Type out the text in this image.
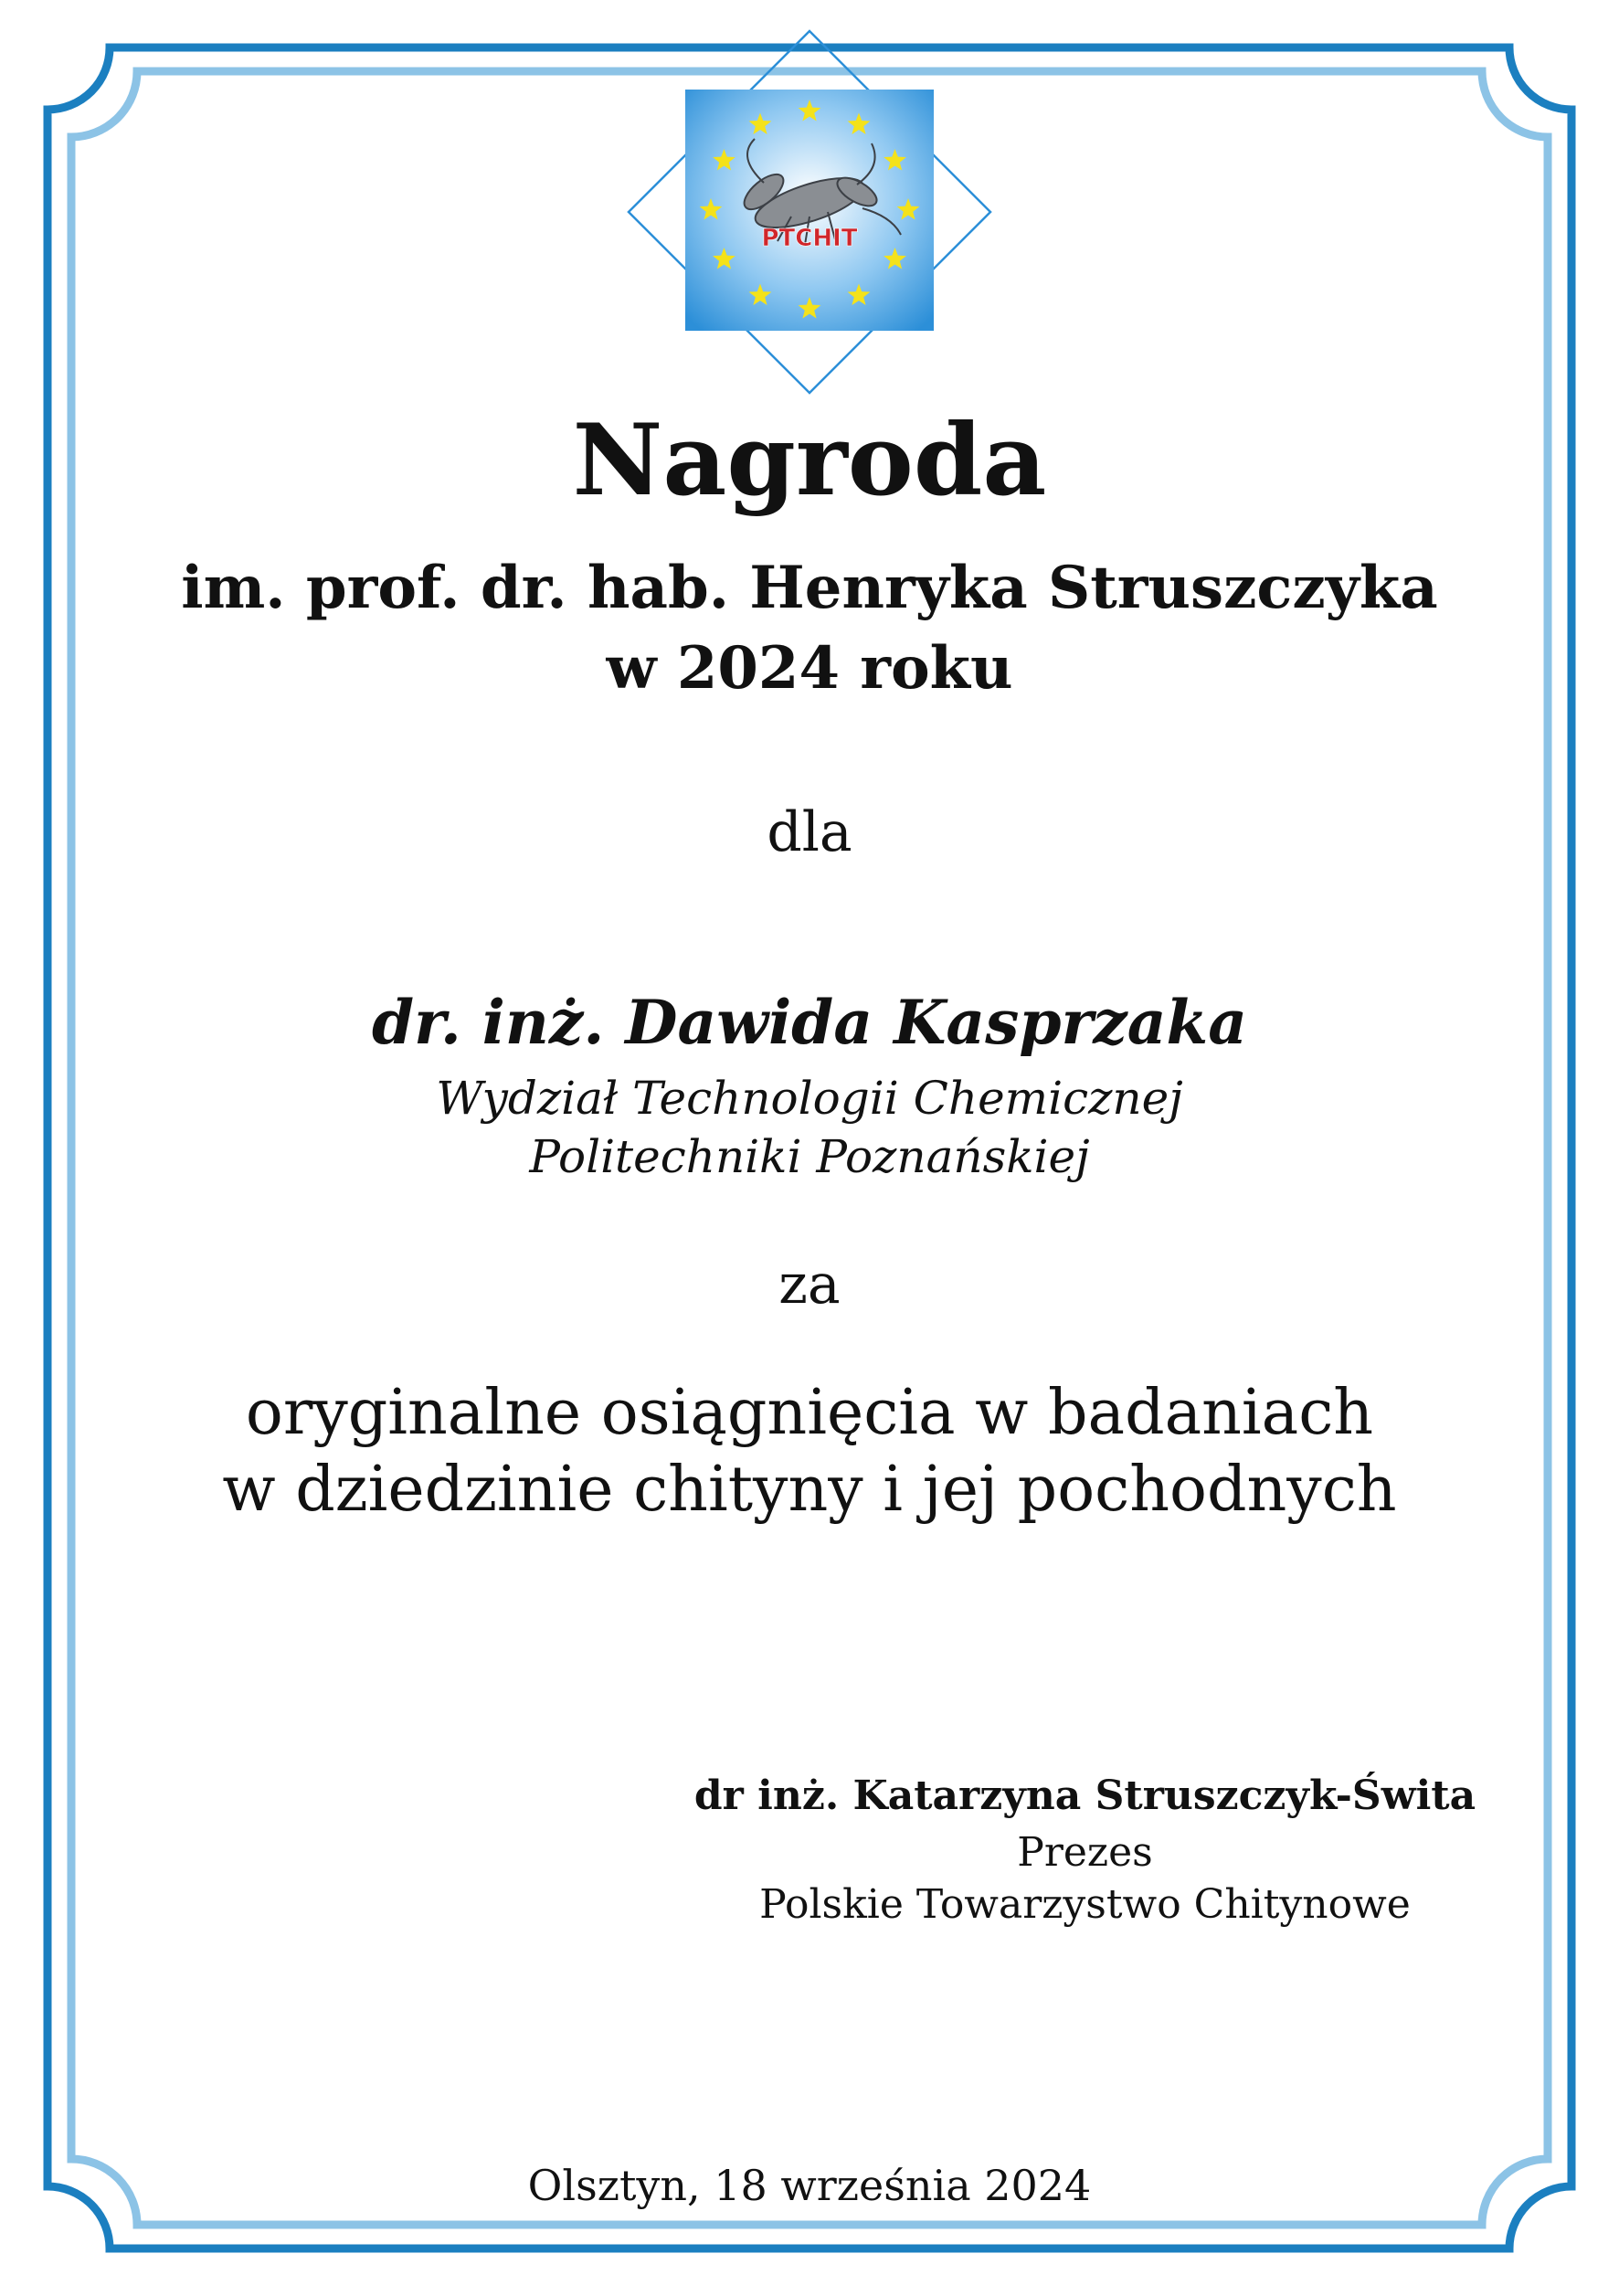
PTCHIT
Nagroda
im. prof. dr. hab. Henryka Struszczyka
w 2024 roku
dla
dr. inż. Dawida Kasprzaka
Wydział Technologii Chemicznej
Politechniki Poznańskiej
za
oryginalne osiągnięcia w badaniach
w dziedzinie chityny i jej pochodnych
dr inż. Katarzyna Struszczyk-Świta
Prezes
Polskie Towarzystwo Chitynowe
Olsztyn, 18 września 2024
